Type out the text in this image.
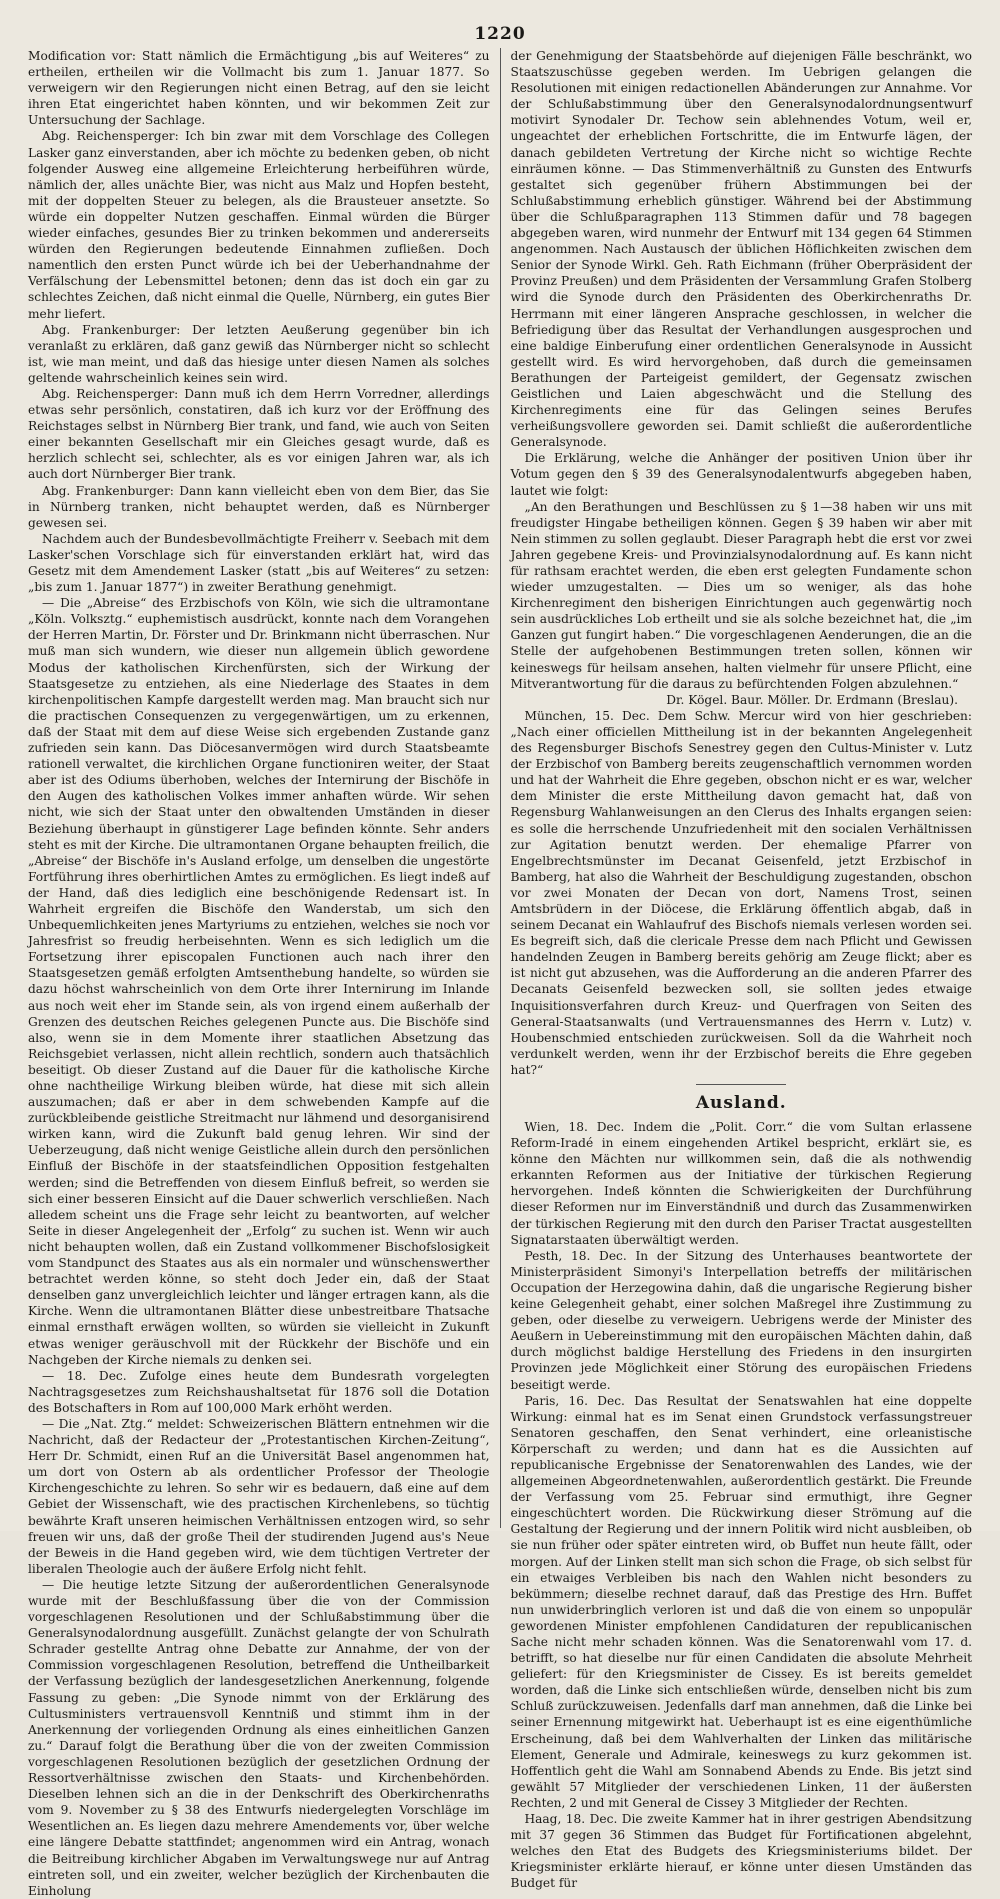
1220

Modification vor: Statt nämlich die Ermächtigung „bis auf Weiteres“ zu ertheilen, ertheilen wir die Vollmacht bis zum 1. Januar 1877. So verweigern wir den Regierungen nicht einen Betrag, auf den sie leicht ihren Etat eingerichtet haben könnten, und wir bekommen Zeit zur Untersuchung der Sachlage.

Abg. Reichensperger: Ich bin zwar mit dem Vorschlage des Collegen Lasker ganz einverstanden, aber ich möchte zu bedenken geben, ob nicht folgender Ausweg eine allgemeine Erleichterung herbeiführen würde, nämlich der, alles unächte Bier, was nicht aus Malz und Hopfen besteht, mit der doppelten Steuer zu belegen, als die Brausteuer ansetzte. So würde ein doppelter Nutzen geschaffen. Einmal würden die Bürger wieder einfaches, gesundes Bier zu trinken bekommen und andererseits würden den Regierungen bedeutende Einnahmen zufließen. Doch namentlich den ersten Punct würde ich bei der Ueberhandnahme der Verfälschung der Lebensmittel betonen; denn das ist doch ein gar zu schlechtes Zeichen, daß nicht einmal die Quelle, Nürnberg, ein gutes Bier mehr liefert.

Abg. Frankenburger: Der letzten Aeußerung gegenüber bin ich veranlaßt zu erklären, daß ganz gewiß das Nürnberger nicht so schlecht ist, wie man meint, und daß das hiesige unter diesen Namen als solches geltende wahrscheinlich keines sein wird.

Abg. Reichensperger: Dann muß ich dem Herrn Vorredner, allerdings etwas sehr persönlich, constatiren, daß ich kurz vor der Eröffnung des Reichstages selbst in Nürnberg Bier trank, und fand, wie auch von Seiten einer bekannten Gesellschaft mir ein Gleiches gesagt wurde, daß es herzlich schlecht sei, schlechter, als es vor einigen Jahren war, als ich auch dort Nürnberger Bier trank.

Abg. Frankenburger: Dann kann vielleicht eben von dem Bier, das Sie in Nürnberg tranken, nicht behauptet werden, daß es Nürnberger gewesen sei.

Nachdem auch der Bundesbevollmächtigte Freiherr v. Seebach mit dem Lasker'schen Vorschlage sich für einverstanden erklärt hat, wird das Gesetz mit dem Amendement Lasker (statt „bis auf Weiteres“ zu setzen: „bis zum 1. Januar 1877“) in zweiter Berathung genehmigt.

— Die „Abreise“ des Erzbischofs von Köln, wie sich die ultramontane „Köln. Volksztg.“ euphemistisch ausdrückt, konnte nach dem Vorangehen der Herren Martin, Dr. Förster und Dr. Brinkmann nicht überraschen. Nur muß man sich wundern, wie dieser nun allgemein üblich gewordene Modus der katholischen Kirchenfürsten, sich der Wirkung der Staatsgesetze zu entziehen, als eine Niederlage des Staates in dem kirchenpolitischen Kampfe dargestellt werden mag. Man braucht sich nur die practischen Consequenzen zu vergegenwärtigen, um zu erkennen, daß der Staat mit dem auf diese Weise sich ergebenden Zustande ganz zufrieden sein kann. Das Diöcesanvermögen wird durch Staatsbeamte rationell verwaltet, die kirchlichen Organe functioniren weiter, der Staat aber ist des Odiums überhoben, welches der Internirung der Bischöfe in den Augen des katholischen Volkes immer anhaften würde. Wir sehen nicht, wie sich der Staat unter den obwaltenden Umständen in dieser Beziehung überhaupt in günstigerer Lage befinden könnte. Sehr anders steht es mit der Kirche. Die ultramontanen Organe behaupten freilich, die „Abreise“ der Bischöfe in's Ausland erfolge, um denselben die ungestörte Fortführung ihres oberhirtlichen Amtes zu ermöglichen. Es liegt indeß auf der Hand, daß dies lediglich eine beschönigende Redensart ist. In Wahrheit ergreifen die Bischöfe den Wanderstab, um sich den Unbequemlichkeiten jenes Martyriums zu entziehen, welches sie noch vor Jahresfrist so freudig herbeisehnten. Wenn es sich lediglich um die Fortsetzung ihrer episcopalen Functionen auch nach ihrer den Staatsgesetzen gemäß erfolgten Amtsenthebung handelte, so würden sie dazu höchst wahrscheinlich von dem Orte ihrer Internirung im Inlande aus noch weit eher im Stande sein, als von irgend einem außerhalb der Grenzen des deutschen Reiches gelegenen Puncte aus. Die Bischöfe sind also, wenn sie in dem Momente ihrer staatlichen Absetzung das Reichsgebiet verlassen, nicht allein rechtlich, sondern auch thatsächlich beseitigt. Ob dieser Zustand auf die Dauer für die katholische Kirche ohne nachtheilige Wirkung bleiben würde, hat diese mit sich allein auszumachen; daß er aber in dem schwebenden Kampfe auf die zurückbleibende geistliche Streitmacht nur lähmend und desorganisirend wirken kann, wird die Zukunft bald genug lehren. Wir sind der Ueberzeugung, daß nicht wenige Geistliche allein durch den persönlichen Einfluß der Bischöfe in der staatsfeindlichen Opposition festgehalten werden; sind die Betreffenden von diesem Einfluß befreit, so werden sie sich einer besseren Einsicht auf die Dauer schwerlich verschließen. Nach alledem scheint uns die Frage sehr leicht zu beantworten, auf welcher Seite in dieser Angelegenheit der „Erfolg“ zu suchen ist. Wenn wir auch nicht behaupten wollen, daß ein Zustand vollkommener Bischofslosigkeit vom Standpunct des Staates aus als ein normaler und wünschenswerther betrachtet werden könne, so steht doch Jeder ein, daß der Staat denselben ganz unvergleichlich leichter und länger ertragen kann, als die Kirche. Wenn die ultramontanen Blätter diese unbestreitbare Thatsache einmal ernsthaft erwägen wollten, so würden sie vielleicht in Zukunft etwas weniger geräuschvoll mit der Rückkehr der Bischöfe und ein Nachgeben der Kirche niemals zu denken sei.

— 18. Dec. Zufolge eines heute dem Bundesrath vorgelegten Nachtragsgesetzes zum Reichshaushaltsetat für 1876 soll die Dotation des Botschafters in Rom auf 100,000 Mark erhöht werden.

— Die „Nat. Ztg.“ meldet: Schweizerischen Blättern entnehmen wir die Nachricht, daß der Redacteur der „Protestantischen Kirchen-Zeitung“, Herr Dr. Schmidt, einen Ruf an die Universität Basel angenommen hat, um dort von Ostern ab als ordentlicher Professor der Theologie Kirchengeschichte zu lehren. So sehr wir es bedauern, daß eine auf dem Gebiet der Wissenschaft, wie des practischen Kirchenlebens, so tüchtig bewährte Kraft unseren heimischen Verhältnissen entzogen wird, so sehr freuen wir uns, daß der große Theil der studirenden Jugend aus's Neue der Beweis in die Hand gegeben wird, wie dem tüchtigen Vertreter der liberalen Theologie auch der äußere Erfolg nicht fehlt.

— Die heutige letzte Sitzung der außerordentlichen Generalsynode wurde mit der Beschlußfassung über die von der Commission vorgeschlagenen Resolutionen und der Schlußabstimmung über die Generalsynodalordnung ausgefüllt. Zunächst gelangte der von Schulrath Schrader gestellte Antrag ohne Debatte zur Annahme, der von der Commission vorgeschlagenen Resolution, betreffend die Untheilbarkeit der Verfassung bezüglich der landesgesetzlichen Anerkennung, folgende Fassung zu geben: „Die Synode nimmt von der Erklärung des Cultusministers vertrauensvoll Kenntniß und stimmt ihm in der Anerkennung der vorliegenden Ordnung als eines einheitlichen Ganzen zu.“ Darauf folgt die Berathung über die von der zweiten Commission vorgeschlagenen Resolutionen bezüglich der gesetzlichen Ordnung der Ressortverhältnisse zwischen den Staats- und Kirchenbehörden. Dieselben lehnen sich an die in der Denkschrift des Oberkirchenraths vom 9. November zu § 38 des Entwurfs niedergelegten Vorschläge im Wesentlichen an. Es liegen dazu mehrere Amendements vor, über welche eine längere Debatte stattfindet; angenommen wird ein Antrag, wonach die Beitreibung kirchlicher Abgaben im Verwaltungswege nur auf Antrag eintreten soll, und ein zweiter, welcher bezüglich der Kirchenbauten die Einholung

der Genehmigung der Staatsbehörde auf diejenigen Fälle beschränkt, wo Staatszuschüsse gegeben werden. Im Uebrigen gelangen die Resolutionen mit einigen redactionellen Abänderungen zur Annahme. Vor der Schlußabstimmung über den Generalsynodalordnungsentwurf motivirt Synodaler Dr. Techow sein ablehnendes Votum, weil er, ungeachtet der erheblichen Fortschritte, die im Entwurfe lägen, der danach gebildeten Vertretung der Kirche nicht so wichtige Rechte einräumen könne. — Das Stimmenverhältniß zu Gunsten des Entwurfs gestaltet sich gegenüber frühern Abstimmungen bei der Schlußabstimmung erheblich günstiger. Während bei der Abstimmung über die Schlußparagraphen 113 Stimmen dafür und 78 bagegen abgegeben waren, wird nunmehr der Entwurf mit 134 gegen 64 Stimmen angenommen. Nach Austausch der üblichen Höflichkeiten zwischen dem Senior der Synode Wirkl. Geh. Rath Eichmann (früher Oberpräsident der Provinz Preußen) und dem Präsidenten der Versammlung Grafen Stolberg wird die Synode durch den Präsidenten des Oberkirchenraths Dr. Herrmann mit einer längeren Ansprache geschlossen, in welcher die Befriedigung über das Resultat der Verhandlungen ausgesprochen und eine baldige Einberufung einer ordentlichen Generalsynode in Aussicht gestellt wird. Es wird hervorgehoben, daß durch die gemeinsamen Berathungen der Parteigeist gemildert, der Gegensatz zwischen Geistlichen und Laien abgeschwächt und die Stellung des Kirchenregiments eine für das Gelingen seines Berufes verheißungsvollere geworden sei. Damit schließt die außerordentliche Generalsynode.

Die Erklärung, welche die Anhänger der positiven Union über ihr Votum gegen den § 39 des Generalsynodalentwurfs abgegeben haben, lautet wie folgt:

„An den Berathungen und Beschlüssen zu § 1—38 haben wir uns mit freudigster Hingabe betheiligen können. Gegen § 39 haben wir aber mit Nein stimmen zu sollen geglaubt. Dieser Paragraph hebt die erst vor zwei Jahren gegebene Kreis- und Provinzialsynodalordnung auf. Es kann nicht für rathsam erachtet werden, die eben erst gelegten Fundamente schon wieder umzugestalten. — Dies um so weniger, als das hohe Kirchenregiment den bisherigen Einrichtungen auch gegenwärtig noch sein ausdrückliches Lob ertheilt und sie als solche bezeichnet hat, die „im Ganzen gut fungirt haben.“ Die vorgeschlagenen Aenderungen, die an die Stelle der aufgehobenen Bestimmungen treten sollen, können wir keineswegs für heilsam ansehen, halten vielmehr für unsere Pflicht, eine Mitverantwortung für die daraus zu befürchtenden Folgen abzulehnen.“

Dr. Kögel. Baur. Möller. Dr. Erdmann (Breslau).

München, 15. Dec. Dem Schw. Mercur wird von hier geschrieben: „Nach einer officiellen Mittheilung ist in der bekannten Angelegenheit des Regensburger Bischofs Senestrey gegen den Cultus-Minister v. Lutz der Erzbischof von Bamberg bereits zeugenschaftlich vernommen worden und hat der Wahrheit die Ehre gegeben, obschon nicht er es war, welcher dem Minister die erste Mittheilung davon gemacht hat, daß von Regensburg Wahlanweisungen an den Clerus des Inhalts ergangen seien: es solle die herrschende Unzufriedenheit mit den socialen Verhältnissen zur Agitation benutzt werden. Der ehemalige Pfarrer von Engelbrechtsmünster im Decanat Geisenfeld, jetzt Erzbischof in Bamberg, hat also die Wahrheit der Beschuldigung zugestanden, obschon vor zwei Monaten der Decan von dort, Namens Trost, seinen Amtsbrüdern in der Diöcese, die Erklärung öffentlich abgab, daß in seinem Decanat ein Wahlaufruf des Bischofs niemals verlesen worden sei. Es begreift sich, daß die clericale Presse dem nach Pflicht und Gewissen handelnden Zeugen in Bamberg bereits gehörig am Zeuge flickt; aber es ist nicht gut abzusehen, was die Aufforderung an die anderen Pfarrer des Decanats Geisenfeld bezwecken soll, sie sollten jedes etwaige Inquisitionsverfahren durch Kreuz- und Querfragen von Seiten des General-Staatsanwalts (und Vertrauensmannes des Herrn v. Lutz) v. Houbenschmied entschieden zurückweisen. Soll da die Wahrheit noch verdunkelt werden, wenn ihr der Erzbischof bereits die Ehre gegeben hat?“

Ausland.

Wien, 18. Dec. Indem die „Polit. Corr.“ die vom Sultan erlassene Reform-Iradé in einem eingehenden Artikel bespricht, erklärt sie, es könne den Mächten nur willkommen sein, daß die als nothwendig erkannten Reformen aus der Initiative der türkischen Regierung hervorgehen. Indeß könnten die Schwierigkeiten der Durchführung dieser Reformen nur im Einverständniß und durch das Zusammenwirken der türkischen Regierung mit den durch den Pariser Tractat ausgestellten Signatarstaaten überwältigt werden.

Pesth, 18. Dec. In der Sitzung des Unterhauses beantwortete der Ministerpräsident Simonyi's Interpellation betreffs der militärischen Occupation der Herzegowina dahin, daß die ungarische Regierung bisher keine Gelegenheit gehabt, einer solchen Maßregel ihre Zustimmung zu geben, oder dieselbe zu verweigern. Uebrigens werde der Minister des Aeußern in Uebereinstimmung mit den europäischen Mächten dahin, daß durch möglichst baldige Herstellung des Friedens in den insurgirten Provinzen jede Möglichkeit einer Störung des europäischen Friedens beseitigt werde.

Paris, 16. Dec. Das Resultat der Senatswahlen hat eine doppelte Wirkung: einmal hat es im Senat einen Grundstock verfassungstreuer Senatoren geschaffen, den Senat verhindert, eine orleanistische Körperschaft zu werden; und dann hat es die Aussichten auf republicanische Ergebnisse der Senatorenwahlen des Landes, wie der allgemeinen Abgeordnetenwahlen, außerordentlich gestärkt. Die Freunde der Verfassung vom 25. Februar sind ermuthigt, ihre Gegner eingeschüchtert worden. Die Rückwirkung dieser Strömung auf die Gestaltung der Regierung und der innern Politik wird nicht ausbleiben, ob sie nun früher oder später eintreten wird, ob Buffet nun heute fällt, oder morgen. Auf der Linken stellt man sich schon die Frage, ob sich selbst für ein etwaiges Verbleiben bis nach den Wahlen nicht besonders zu bekümmern; dieselbe rechnet darauf, daß das Prestige des Hrn. Buffet nun unwiderbringlich verloren ist und daß die von einem so unpopulär gewordenen Minister empfohlenen Candidaturen der republicanischen Sache nicht mehr schaden können. Was die Senatorenwahl vom 17. d. betrifft, so hat dieselbe nur für einen Candidaten die absolute Mehrheit geliefert: für den Kriegsminister de Cissey. Es ist bereits gemeldet worden, daß die Linke sich entschließen würde, denselben nicht bis zum Schluß zurückzuweisen. Jedenfalls darf man annehmen, daß die Linke bei seiner Ernennung mitgewirkt hat. Ueberhaupt ist es eine eigenthümliche Erscheinung, daß bei dem Wahlverhalten der Linken das militärische Element, Generale und Admirale, keineswegs zu kurz gekommen ist. Hoffentlich geht die Wahl am Sonnabend Abends zu Ende. Bis jetzt sind gewählt 57 Mitglieder der verschiedenen Linken, 11 der äußersten Rechten, 2 und mit General de Cissey 3 Mitglieder der Rechten.

Haag, 18. Dec. Die zweite Kammer hat in ihrer gestrigen Abendsitzung mit 37 gegen 36 Stimmen das Budget für Fortificationen abgelehnt, welches den Etat des Budgets des Kriegsministeriums bildet. Der Kriegsminister erklärte hierauf, er könne unter diesen Umständen das Budget für
